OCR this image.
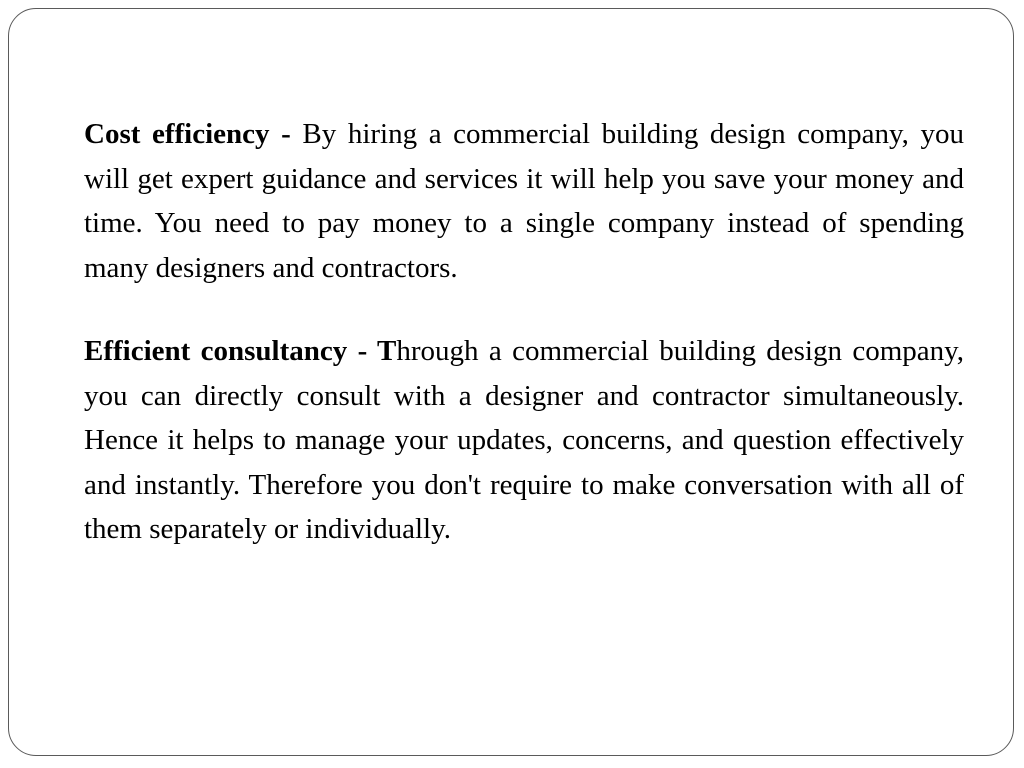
Cost efficiency - By hiring a commercial building design company, you will get expert guidance and services it will help you save your money and time. You need to pay money to a single company instead of spending many designers and contractors.

Efficient consultancy - Through a commercial building design company, you can directly consult with a designer and contractor simultaneously. Hence it helps to manage your updates, concerns, and question effectively and instantly. Therefore you don't require to make conversation with all of them separately or individually.
